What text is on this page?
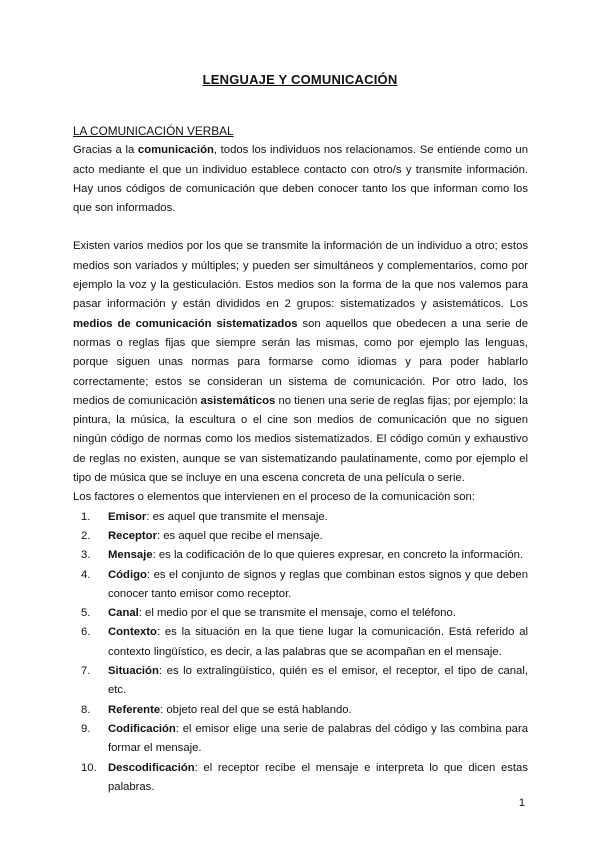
LENGUAJE Y COMUNICACIÓN

LA COMUNICACIÓN VERBAL

Gracias a la comunicación, todos los individuos nos relacionamos. Se entiende como un acto mediante el que un individuo establece contacto con otro/s y transmite información. Hay unos códigos de comunicación que deben conocer tanto los que informan como los que son informados.

Existen varios medios por los que se transmite la información de un individuo a otro; estos medios son variados y múltiples; y pueden ser simultáneos y complementarios, como por ejemplo la voz y la gesticulación. Estos medios son la forma de la que nos valemos para pasar información y están divididos en 2 grupos: sistematizados y asistemáticos. Los medios de comunicación sistematizados son aquellos que obedecen a una serie de normas o reglas fijas que siempre serán las mismas, como por ejemplo las lenguas, porque siguen unas normas para formarse como idiomas y para poder hablarlo correctamente; estos se consideran un sistema de comunicación. Por otro lado, los medios de comunicación asistemáticos no tienen una serie de reglas fijas; por ejemplo: la pintura, la música, la escultura o el cine son medios de comunicación que no siguen ningún código de normas como los medios sistematizados. El código común y exhaustivo de reglas no existen, aunque se van sistematizando paulatinamente, como por ejemplo el tipo de música que se incluye en una escena concreta de una película o serie.

Los factores o elementos que intervienen en el proceso de la comunicación son:

1.	Emisor: es aquel que transmite el mensaje.
2.	Receptor: es aquel que recibe el mensaje.
3.	Mensaje: es la codificación de lo que quieres expresar, en concreto la información.
4.	Código: es el conjunto de signos y reglas que combinan estos signos y que deben conocer tanto emisor como receptor.
5.	Canal: el medio por el que se transmite el mensaje, como el teléfono.
6.	Contexto: es la situación en la que tiene lugar la comunicación. Está referido al contexto lingüístico, es decir, a las palabras que se acompañan en el mensaje.
7.	Situación: es lo extralingüístico, quién es el emisor, el receptor, el tipo de canal, etc.
8.	Referente: objeto real del que se está hablando.
9.	Codificación: el emisor elige una serie de palabras del código y las combina para formar el mensaje.
10. Descodificación: el receptor recibe el mensaje e interpreta lo que dicen estas palabras.
1
